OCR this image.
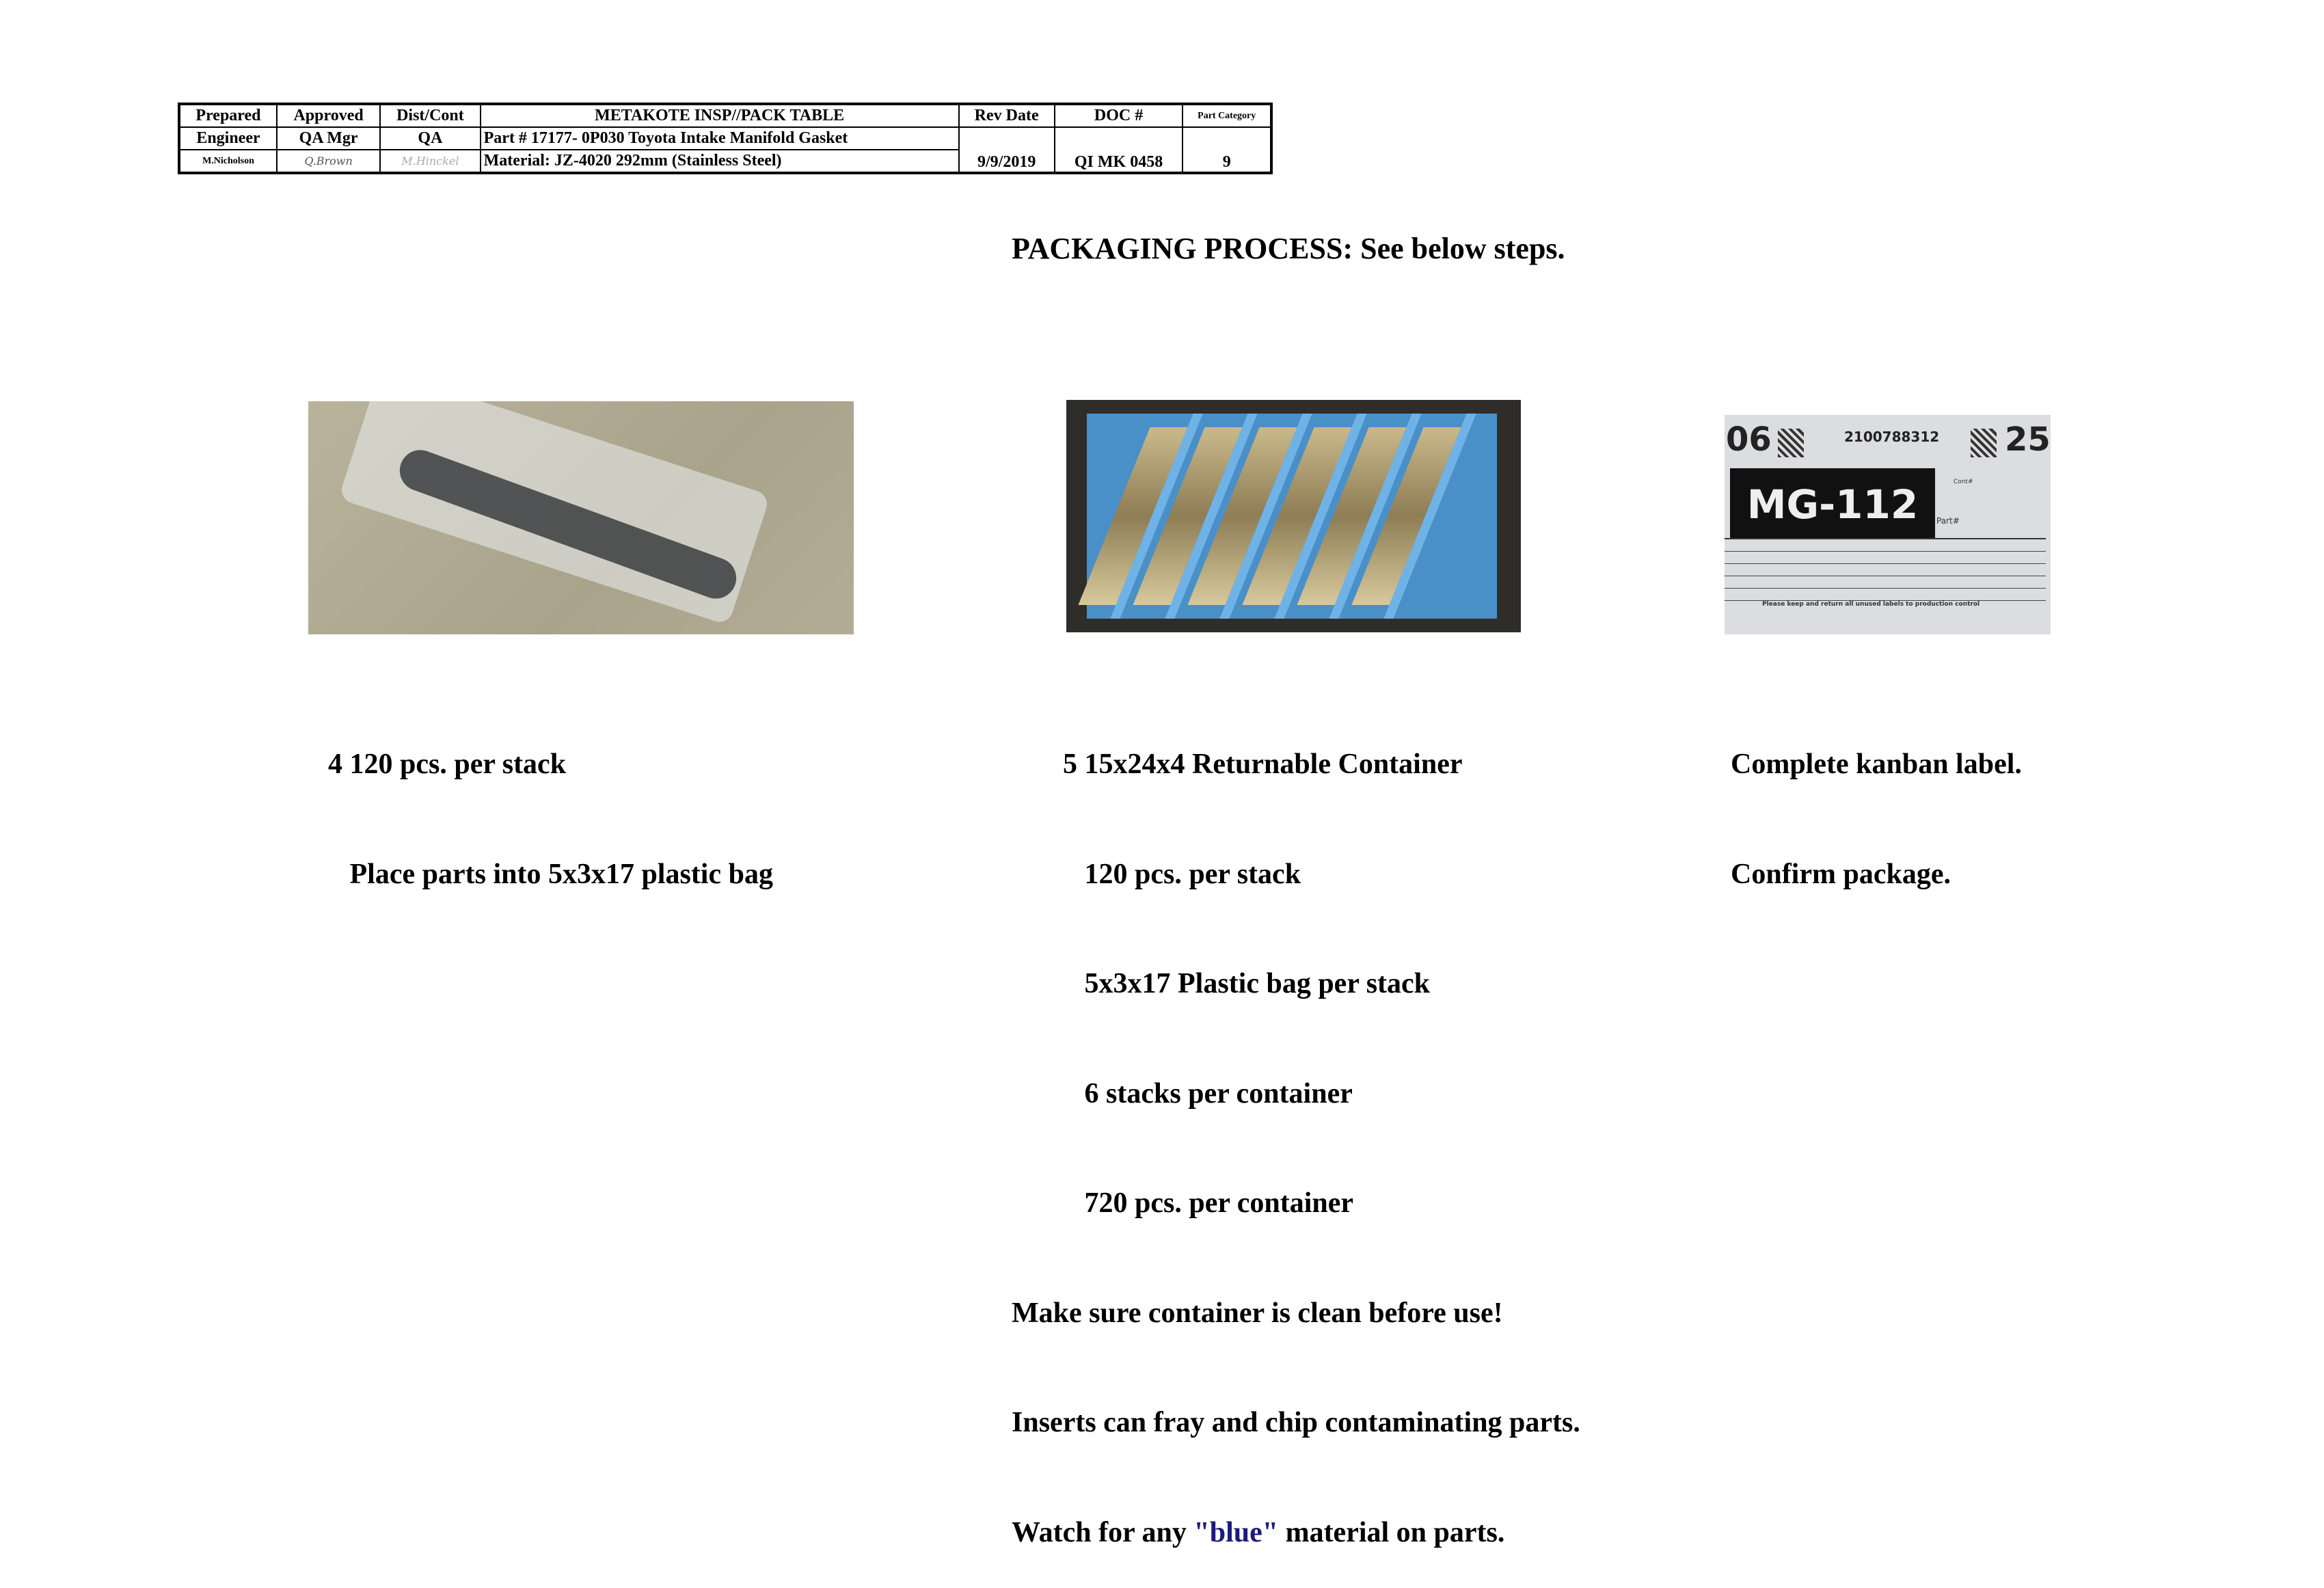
Prepared	Approved	Dist/Cont	METAKOTE INSP//PACK TABLE	Rev Date	DOC #	Part Category
Engineer	QA Mgr	QA	Part # 17177- 0P030 Toyota Intake Manifold Gasket	9/9/2019	QI MK 0458	9
M.Nicholson	Q.Brown	M.Hinckel	Material: JZ-4020 292mm (Stainless Steel)			
PACKAGING PROCESS: See below steps.
06	2100788312 25
MG-112	Cont#
Part#
Please keep and return all unused labels to production control

4 120 pcs. per stack

Place parts into 5x3x17 plastic bag

5 15x24x4 Returnable Container

120 pcs. per stack

5x3x17 Plastic bag per stack

6 stacks per container

720 pcs. per container

Make sure container is clean before use!

Inserts can fray and chip contaminating parts.

Watch for any "blue" material on parts.

Complete kanban label.

Confirm package.
